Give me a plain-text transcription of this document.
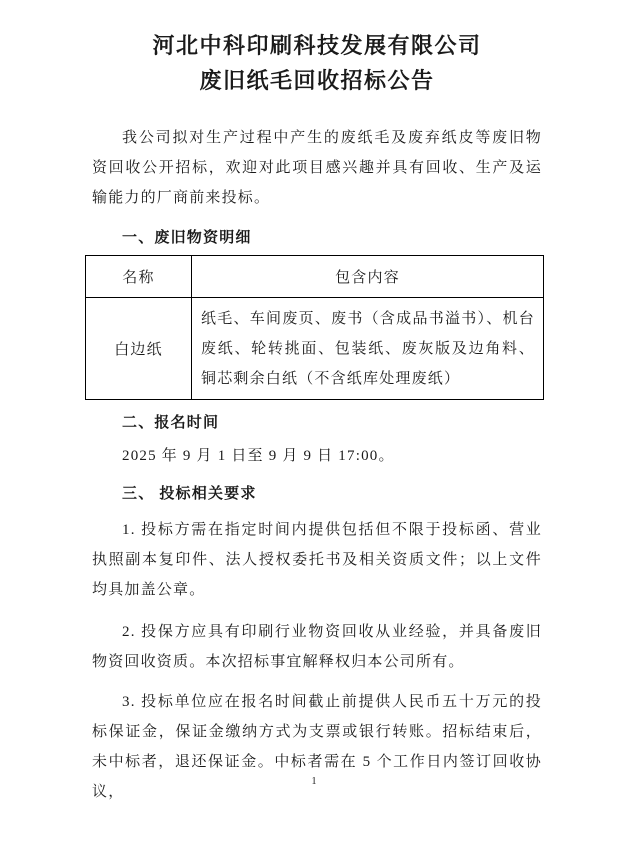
河北中科印刷科技发展有限公司
废旧纸毛回收招标公告

我公司拟对生产过程中产生的废纸毛及废弃纸皮等废旧物资回收公开招标，欢迎对此项目感兴趣并具有回收、生产及运输能力的厂商前来投标。

一、废旧物资明细
名称	包含内容
白边纸	纸毛、车间废页、废书（含成品书溢书）、机台废纸、轮转挑面、包装纸、废灰版及边角料、铜芯剩余白纸（不含纸库处理废纸）
二、报名时间

2025 年 9 月 1 日至 9 月 9 日 17:00。

三、 投标相关要求

1. 投标方需在指定时间内提供包括但不限于投标函、营业执照副本复印件、法人授权委托书及相关资质文件；以上文件均具加盖公章。

2. 投保方应具有印刷行业物资回收从业经验，并具备废旧物资回收资质。本次招标事宜解释权归本公司所有。

3. 投标单位应在报名时间截止前提供人民币五十万元的投标保证金，保证金缴纳方式为支票或银行转账。招标结束后，未中标者，退还保证金。中标者需在 5 个工作日内签订回收协议，

1
